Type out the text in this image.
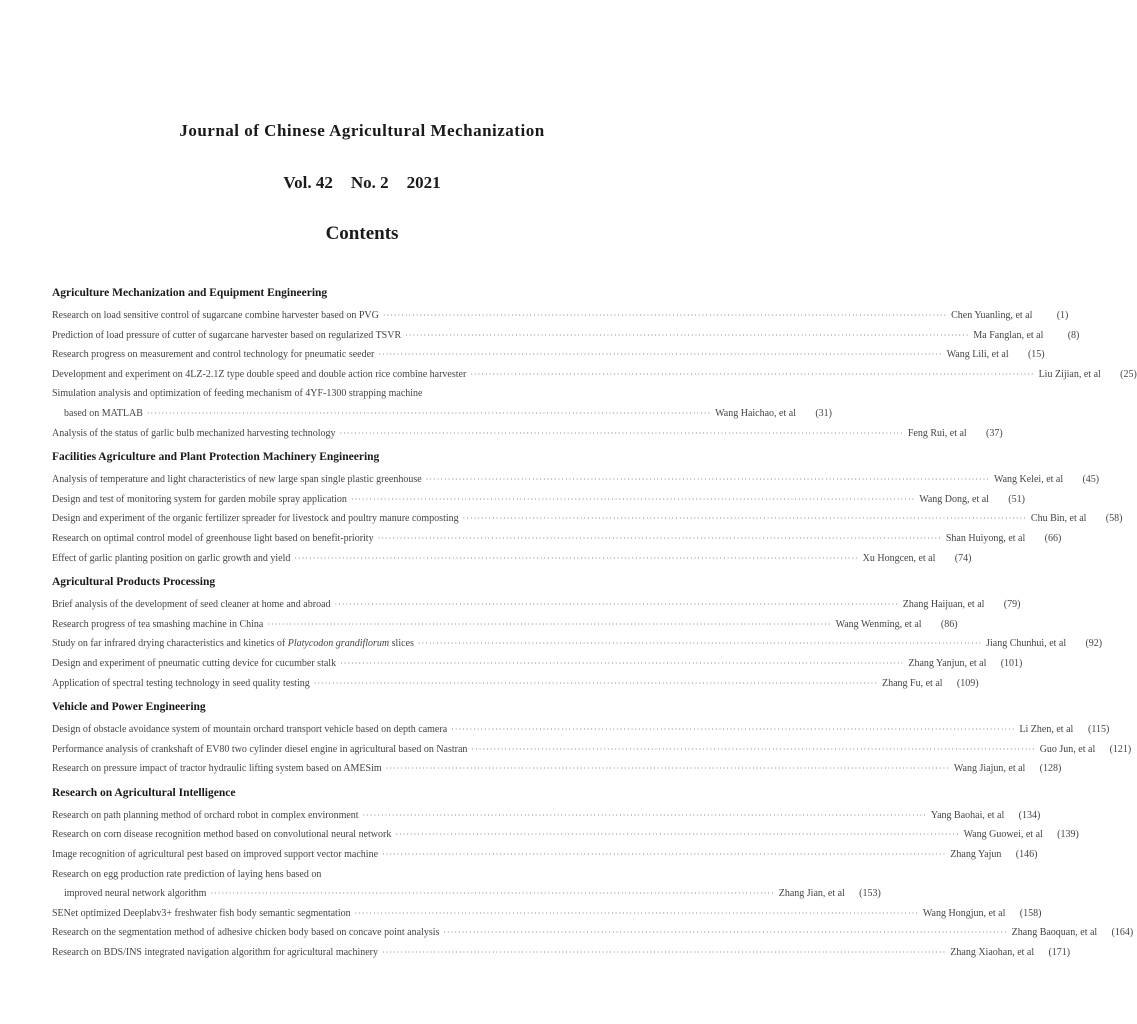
Journal of Chinese Agricultural Mechanization
Vol. 42 No. 2 2021
Contents
Agriculture Mechanization and Equipment Engineering
Research on load sensitive control of sugarcane combine harvester based on PVG ·····	Chen Yuanling, et al	(1)
Prediction of load pressure of cutter of sugarcane harvester based on regularized TSVR ·····	Ma Fanglan, et al	(8)
Research progress on measurement and control technology for pneumatic seeder ·····	Wang Lili, et al	(15)
Development and experiment on 4LZ-2.1Z type double speed and double action rice combine harvester ·····	Liu Zijian, et al	(25)
Simulation analysis and optimization of feeding mechanism of 4YF-1300 strapping machine
based on MATLAB ·····	Wang Haichao, et al	(31)
Analysis of the status of garlic bulb mechanized harvesting technology ·····	Feng Rui, et al	(37)
Facilities Agriculture and Plant Protection Machinery Engineering
Analysis of temperature and light characteristics of new large span single plastic greenhouse ·····	Wang Kelei, et al	(45)
Design and test of monitoring system for garden mobile spray application ·····	Wang Dong, et al	(51)
Design and experiment of the organic fertilizer spreader for livestock and poultry manure composting ·····	Chu Bin, et al	(58)
Research on optimal control model of greenhouse light based on benefit-priority ·····	Shan Huiyong, et al	(66)
Effect of garlic planting position on garlic growth and yield ·····	Xu Hongcen, et al	(74)
Agricultural Products Processing
Brief analysis of the development of seed cleaner at home and abroad ·····	Zhang Haijuan, et al	(79)
Research progress of tea smashing machine in China ·····	Wang Wenming, et al	(86)
Study on far infrared drying characteristics and kinetics of Platycodon grandiflorum slices ·····	Jiang Chunhui, et al	(92)
Design and experiment of pneumatic cutting device for cucumber stalk ·····	Zhang Yanjun, et al	(101)
Application of spectral testing technology in seed quality testing ·····	Zhang Fu, et al	(109)
Vehicle and Power Engineering
Design of obstacle avoidance system of mountain orchard transport vehicle based on depth camera ·····	Li Zhen, et al	(115)
Performance analysis of crankshaft of EV80 two cylinder diesel engine in agricultural based on Nastran ·····	Guo Jun, et al	(121)
Research on pressure impact of tractor hydraulic lifting system based on AMESim ·····	Wang Jiajun, et al	(128)
Research on Agricultural Intelligence
Research on path planning method of orchard robot in complex environment ·····	Yang Baohai, et al	(134)
Research on corn disease recognition method based on convolutional neural network ·····	Wang Guowei, et al	(139)
Image recognition of agricultural pest based on improved support vector machine ·····	Zhang Yajun	(146)
Research on egg production rate prediction of laying hens based on
improved neural network algorithm ·····	Zhang Jian, et al	(153)
SENet optimized Deeplabv3+ freshwater fish body semantic segmentation ·····	Wang Hongjun, et al	(158)
Research on the segmentation method of adhesive chicken body based on concave point analysis ·····	Zhang Baoquan, et al	(164)
Research on BDS/INS integrated navigation algorithm for agricultural machinery ·····	Zhang Xiaohan, et al	(171)
